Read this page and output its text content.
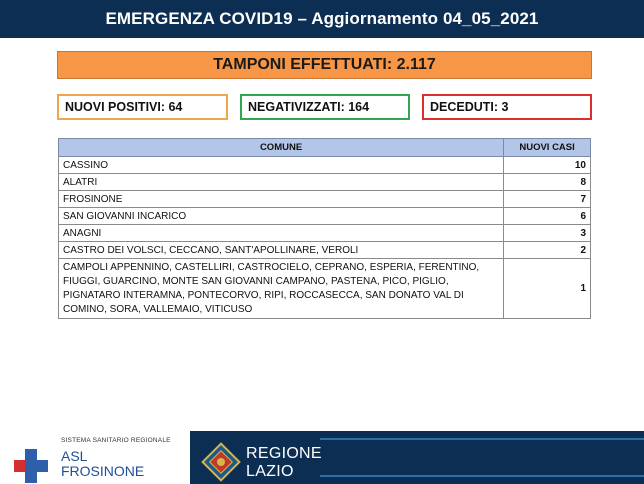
EMERGENZA COVID19 – Aggiornamento 04_05_2021
TAMPONI EFFETTUATI: 2.117
NUOVI POSITIVI: 64	NEGATIVIZZATI: 164	DECEDUTI: 3
COMUNE	NUOVI CASI
CASSINO	10
ALATRI	8
FROSINONE	7
SAN GIOVANNI INCARICO	6
ANAGNI	3
CASTRO DEI VOLSCI, CECCANO, SANT'APOLLINARE, VEROLI	2
CAMPOLI APPENNINO, CASTELLIRI, CASTROCIELO, CEPRANO, ESPERIA, FERENTINO, FIUGGI, GUARCINO, MONTE SAN GIOVANNI CAMPANO, PASTENA, PICO, PIGLIO, PIGNATARO INTERAMNA, PONTECORVO, RIPI, ROCCASECCA, SAN DONATO VAL DI COMINO, SORA, VALLEMAIO, VITICUSO	1
SISTEMA SANITARIO REGIONALE
ASL
FROSINONE
REGIONE
LAZIO
